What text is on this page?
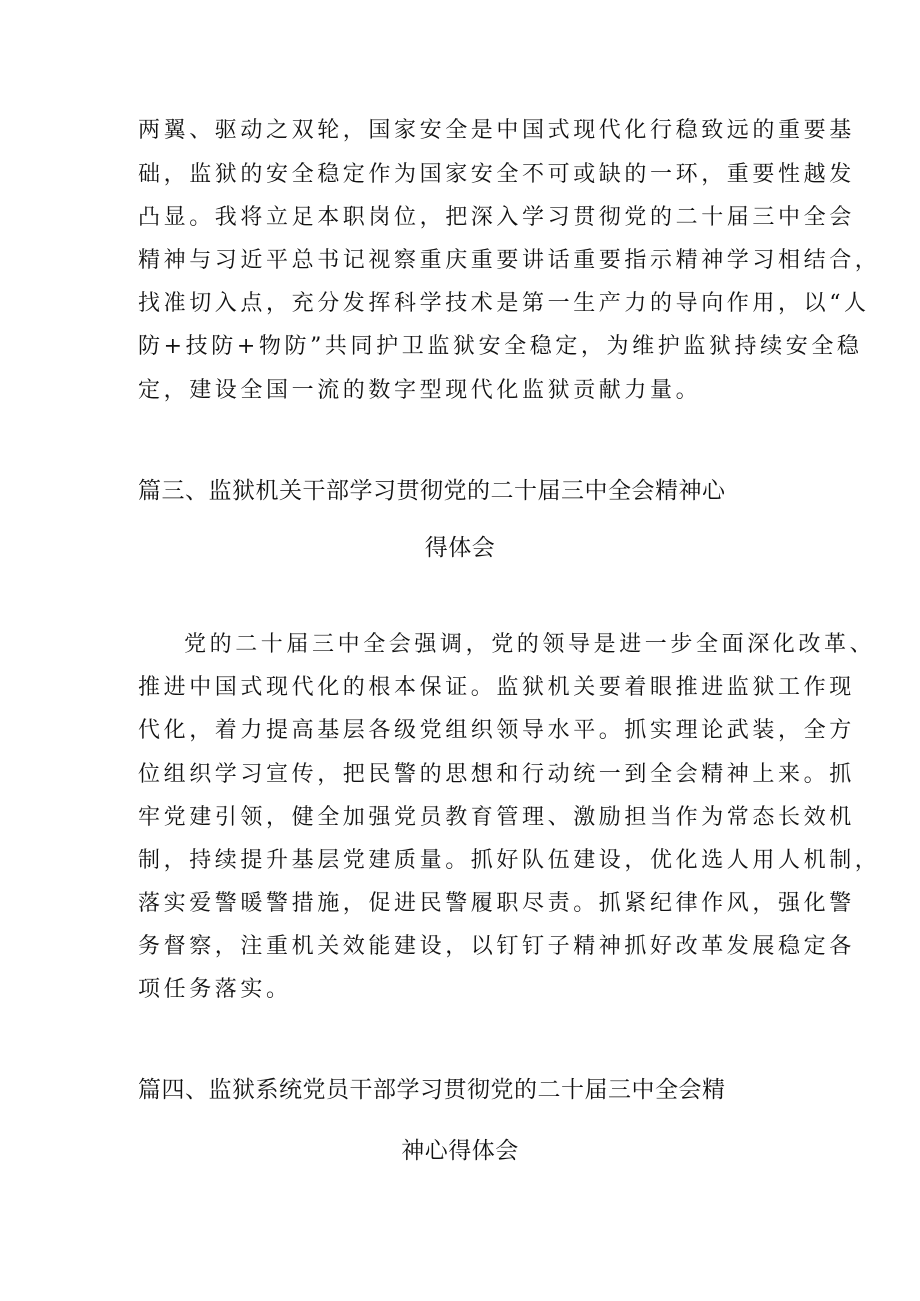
两翼、驱动之双轮，国家安全是中国式现代化行稳致远的重要基
础，监狱的安全稳定作为国家安全不可或缺的一环，重要性越发
凸显。我将立足本职岗位，把深入学习贯彻党的二十届三中全会
精神与习近平总书记视察重庆重要讲话重要指示精神学习相结合，
找准切入点，充分发挥科学技术是第一生产力的导向作用，以“人
防+技防+物防”共同护卫监狱安全稳定，为维护监狱持续安全稳
定，建设全国一流的数字型现代化监狱贡献力量。
篇三、监狱机关干部学习贯彻党的二十届三中全会精神心
得体会
党的二十届三中全会强调，党的领导是进一步全面深化改革、
推进中国式现代化的根本保证。监狱机关要着眼推进监狱工作现
代化，着力提高基层各级党组织领导水平。抓实理论武装，全方
位组织学习宣传，把民警的思想和行动统一到全会精神上来。抓
牢党建引领，健全加强党员教育管理、激励担当作为常态长效机
制，持续提升基层党建质量。抓好队伍建设，优化选人用人机制，
落实爱警暖警措施，促进民警履职尽责。抓紧纪律作风，强化警
务督察，注重机关效能建设，以钉钉子精神抓好改革发展稳定各
项任务落实。
篇四、监狱系统党员干部学习贯彻党的二十届三中全会精
神心得体会
